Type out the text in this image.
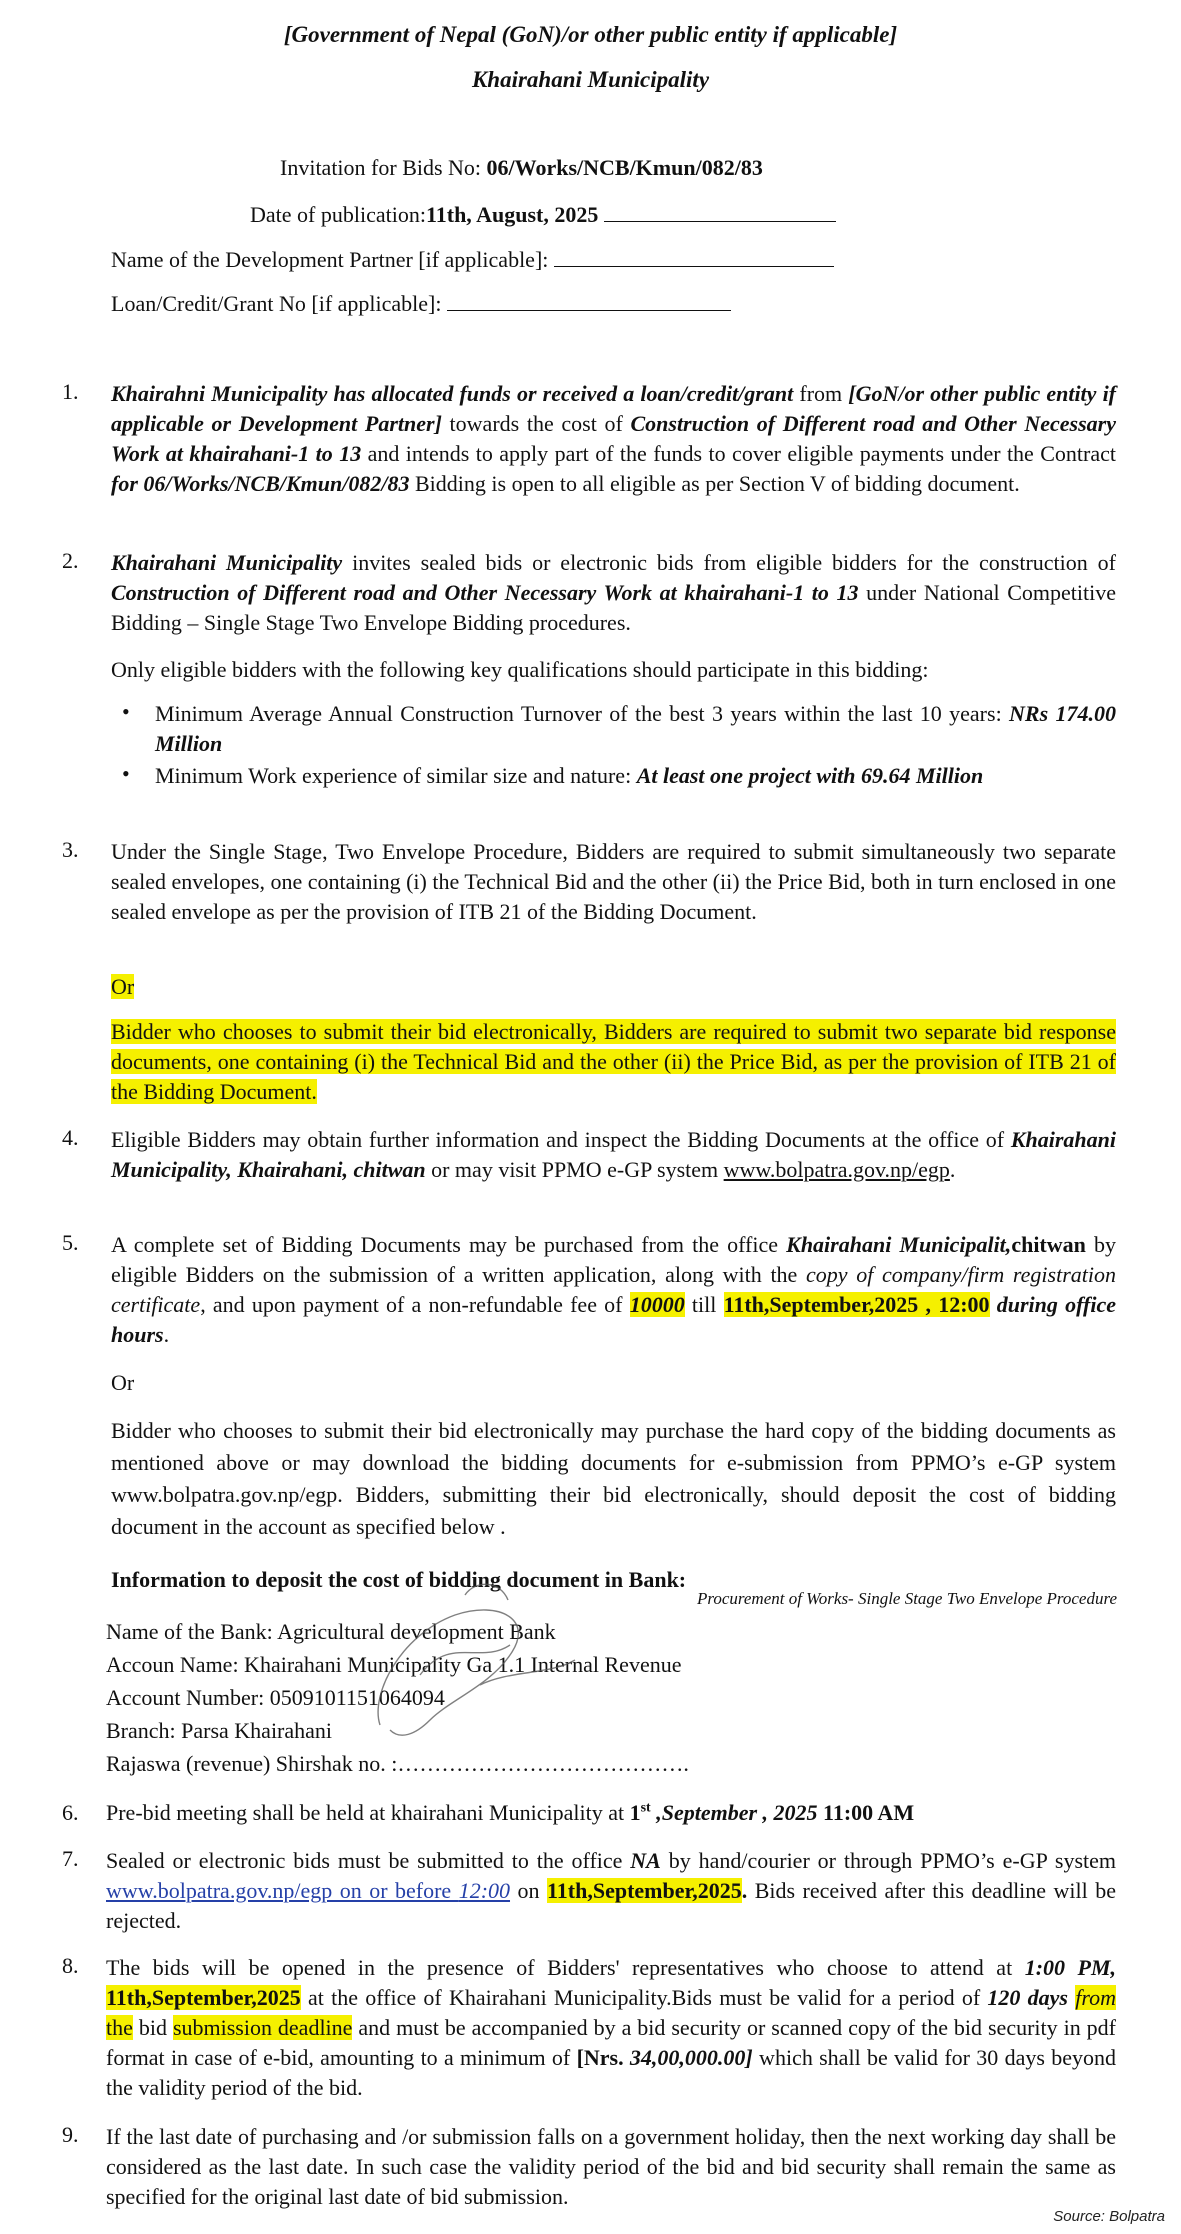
[Government of Nepal (GoN)/or other public entity if applicable]
Khairahani Municipality
Invitation for Bids No: 06/Works/NCB/Kmun/082/83
Date of publication:11th, August, 2025
Name of the Development Partner [if applicable]:
Loan/Credit/Grant No [if applicable]:
1.	Khairahni Municipality has allocated funds or received a loan/credit/grant from [GoN/or other public entity if applicable or Development Partner] towards the cost of Construction of Different road and Other Necessary Work at khairahani-1 to 13 and intends to apply part of the funds to cover eligible payments under the Contract for 06/Works/NCB/Kmun/082/83 Bidding is open to all eligible as per Section V of bidding document.
2.	Khairahani Municipality invites sealed bids or electronic bids from eligible bidders for the construction of Construction of Different road and Other Necessary Work at khairahani-1 to 13 under National Competitive Bidding – Single Stage Two Envelope Bidding procedures.
Only eligible bidders with the following key qualifications should participate in this bidding:
• Minimum Average Annual Construction Turnover of the best 3 years within the last 10 years: NRs 174.00 Million
• Minimum Work experience of similar size and nature: At least one project with 69.64 Million
3.	Under the Single Stage, Two Envelope Procedure, Bidders are required to submit simultaneously two separate sealed envelopes, one containing (i) the Technical Bid and the other (ii) the Price Bid, both in turn enclosed in one sealed envelope as per the provision of ITB 21 of the Bidding Document.
Or
Bidder who chooses to submit their bid electronically, Bidders are required to submit two separate bid response documents, one containing (i) the Technical Bid and the other (ii) the Price Bid, as per the provision of ITB 21 of the Bidding Document.
4.	Eligible Bidders may obtain further information and inspect the Bidding Documents at the office of Khairahani Municipality, Khairahani, chitwan or may visit PPMO e-GP system www.bolpatra.gov.np/egp.
5.	A complete set of Bidding Documents may be purchased from the office Khairahani Municipalit,chitwan by eligible Bidders on the submission of a written application, along with the copy of company/firm registration certificate, and upon payment of a non-refundable fee of 10000 till 11th,September,2025 , 12:00 during office hours.
Or
Bidder who chooses to submit their bid electronically may purchase the hard copy of the bidding documents as mentioned above or may download the bidding documents for e-submission from PPMO’s e-GP system www.bolpatra.gov.np/egp. Bidders, submitting their bid electronically, should deposit the cost of bidding document in the account as specified below .
Information to deposit the cost of bidding document in Bank:
Procurement of Works- Single Stage Two Envelope Procedure
Name of the Bank: Agricultural development Bank
Accoun Name: Khairahani Municipality Ga 1.1 Internal Revenue
Account Number: 0509101151064094
Branch: Parsa Khairahani
Rajaswa (revenue) Shirshak no. :………………………………….
6. Pre-bid meeting shall be held at khairahani Municipality at 1st ,September , 2025 11:00 AM
7. Sealed or electronic bids must be submitted to the office NA by hand/courier or through PPMO’s e-GP system www.bolpatra.gov.np/egp on or before 12:00 on 11th,September,2025. Bids received after this deadline will be rejected.
8. The bids will be opened in the presence of Bidders' representatives who choose to attend at 1:00 PM, 11th,September,2025 at the office of Khairahani Municipality.Bids must be valid for a period of 120 days from the bid submission deadline and must be accompanied by a bid security or scanned copy of the bid security in pdf format in case of e-bid, amounting to a minimum of [Nrs. 34,00,000.00] which shall be valid for 30 days beyond the validity period of the bid.
9. If the last date of purchasing and /or submission falls on a government holiday, then the next working day shall be considered as the last date. In such case the validity period of the bid and bid security shall remain the same as specified for the original last date of bid submission.
Source: Bolpatra
